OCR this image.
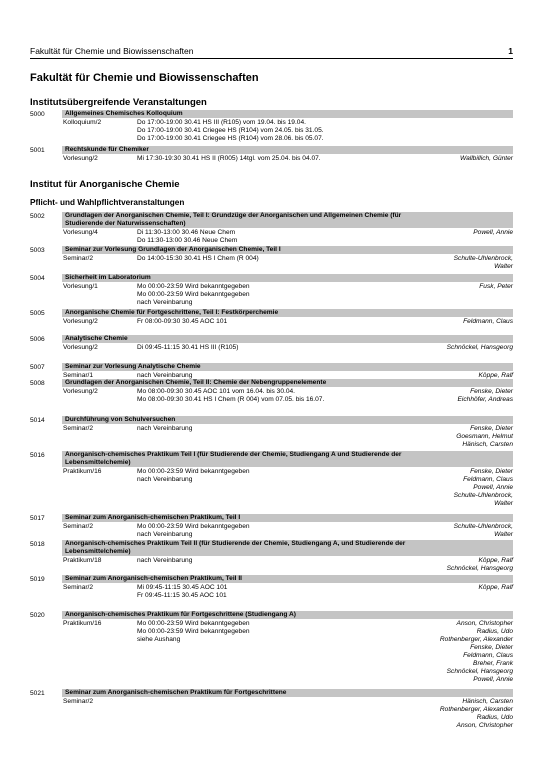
Fakultät für Chemie und Biowissenschaften	1
Fakultät für Chemie und Biowissenschaften
Institutsübergreifende Veranstaltungen
Institut für Anorganische Chemie
Pflicht- und Wahlpflichtveranstaltungen
5000	Allgemeines Chemisches Kolloquium
Kolloquium/2	Do 17:00-19:00 30.41 HS III (R105) vom 19.04. bis 19.04.
Do 17:00-19:00 30.41 Criegee HS (R104) vom 24.05. bis 31.05.
Do 17:00-19:00 30.41 Criegee HS (R104) vom 28.06. bis 05.07.
5001	Rechtskunde für Chemiker
Vorlesung/2	Mi 17:30-19:30 30.41 HS II (R005) 14tgl. vom 25.04. bis 04.07.	Wallbillich, Günter
5002	Grundlagen der Anorganischen Chemie, Teil I: Grundzüge der Anorganischen und Allgemeinen Chemie (für
Studierende der Naturwissenschaften)
Vorlesung/4	Di 11:30-13:00 30.46 Neue Chem
Do 11:30-13:00 30.46 Neue Chem
Powell, Annie
5003	Seminar zur Vorlesung Grundlagen der Anorganischen Chemie, Teil I
Seminar/2	Do 14:00-15:30 30.41 HS I Chem (R 004)	Schulte-Uhlenbrock,
Walter
5004	Sicherheit im Laboratorium
Vorlesung/1	Mo 00:00-23:59 Wird bekanntgegeben
Mo 00:00-23:59 Wird bekanntgegeben
nach Vereinbarung
Fusk, Peter
5005	Anorganische Chemie für Fortgeschrittene, Teil I: Festkörperchemie
Vorlesung/2	Fr 08:00-09:30 30.45 AOC 101	Feldmann, Claus
5006	Analytische Chemie
Vorlesung/2	Di 09:45-11:15 30.41 HS III (R105)	Schnöckel, Hansgeorg
5007	Seminar zur Vorlesung Analytische Chemie
Seminar/1	nach Vereinbarung	Köppe, Ralf
5008	Grundlagen der Anorganischen Chemie, Teil II: Chemie der Nebengruppenelemente
Vorlesung/2	Mo 08:00-09:30 30.45 AOC 101 vom 16.04. bis 30.04.
Mo 08:00-09:30 30.41 HS I Chem (R 004) vom 07.05. bis 16.07.
Fenske, Dieter
Eichhöfer, Andreas
5014	Durchführung von Schulversuchen
Seminar/2	nach Vereinbarung	Fenske, Dieter
Goesmann, Helmut
Hänisch, Carsten
5016	Anorganisch-chemisches Praktikum Teil I (für Studierende der Chemie, Studiengang A und Studierende der
Lebensmittelchemie)
Praktikum/16	Mo 00:00-23:59 Wird bekanntgegeben
nach Vereinbarung
Fenske, Dieter
Feldmann, Claus
Powell, Annie
Schulte-Uhlenbrock,
Walter
5017	Seminar zum Anorganisch-chemischen Praktikum, Teil I
Seminar/2	Mo 00:00-23:59 Wird bekanntgegeben
nach Vereinbarung
Schulte-Uhlenbrock,
Walter
5018	Anorganisch-chemisches Praktikum Teil II (für Studierende der Chemie, Studiengang A, und Studierende der
Lebensmittelchemie)
Praktikum/18	nach Vereinbarung	Köppe, Ralf
Schnöckel, Hansgeorg
5019	Seminar zum Anorganisch-chemischen Praktikum, Teil II
Seminar/2	Mi 09:45-11:15 30.45 AOC 101
Fr 09:45-11:15 30.45 AOC 101
Köppe, Ralf
5020	Anorganisch-chemisches Praktikum für Fortgeschrittene (Studiengang A)
Praktikum/16	Mo 00:00-23:59 Wird bekanntgegeben
Mo 00:00-23:59 Wird bekanntgegeben
siehe Aushang
Anson, Christopher
Radius, Udo
Rothenberger, Alexander
Fenske, Dieter
Feldmann, Claus
Breher, Frank
Schnöckel, Hansgeorg
Powell, Annie
5021	Seminar zum Anorganisch-chemischen Praktikum für Fortgeschrittene
Seminar/2	Hänisch, Carsten
Rothenberger, Alexander
Radius, Udo
Anson, Christopher
